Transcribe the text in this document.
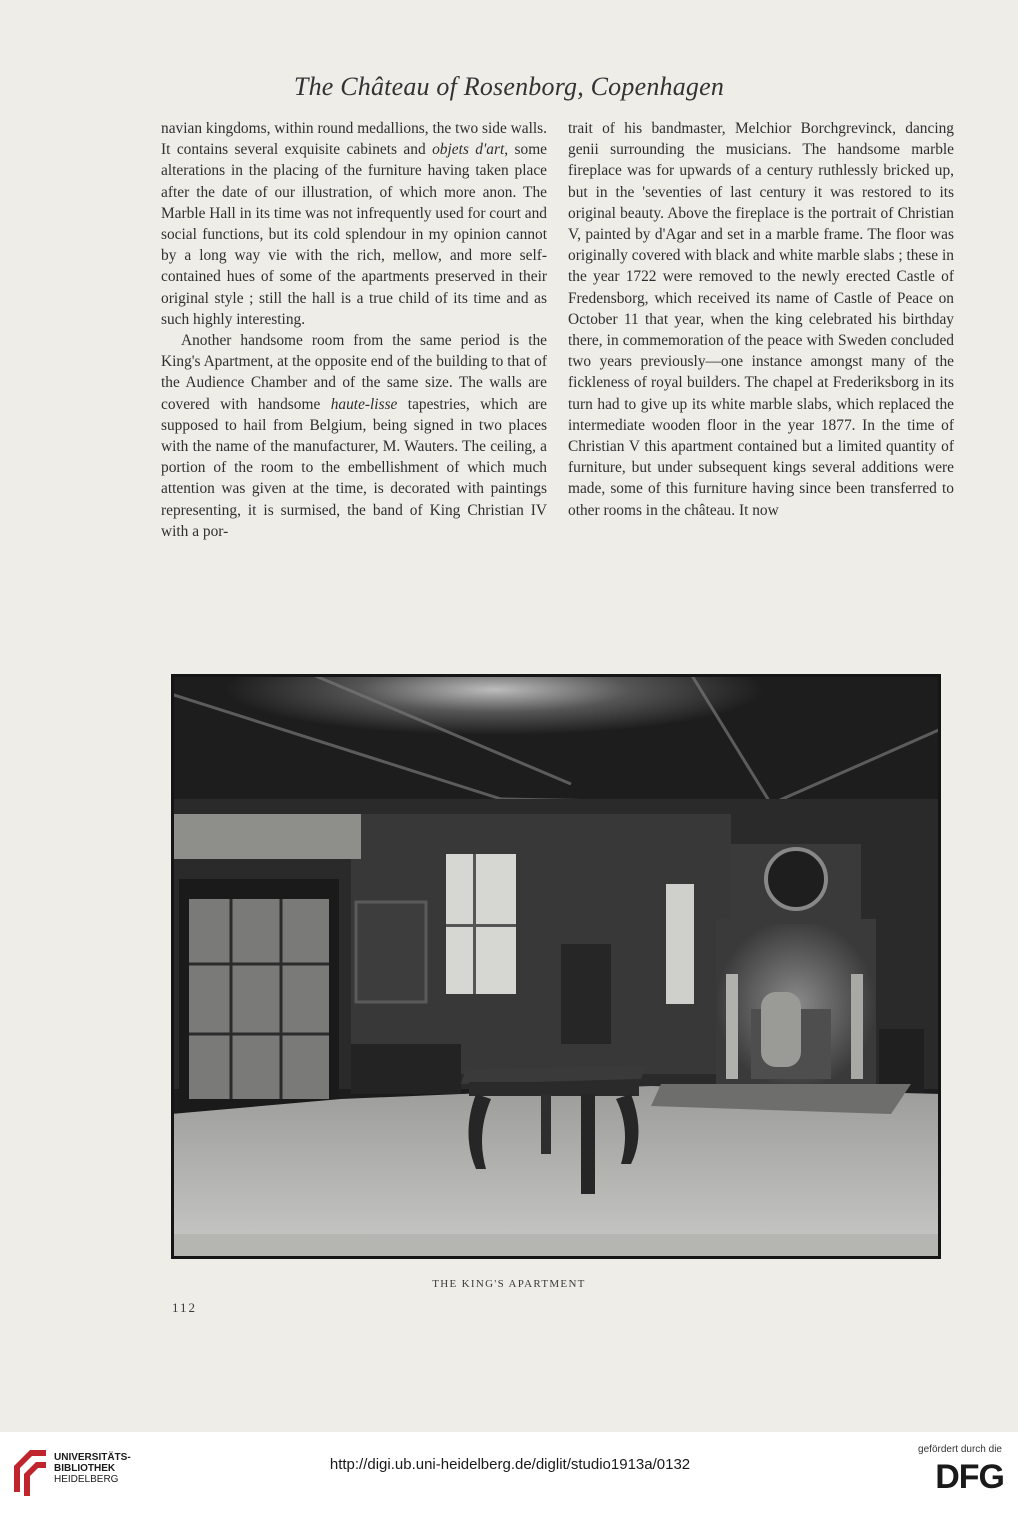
The Château of Rosenborg, Copenhagen

navian kingdoms, within round medallions, the two side walls. It contains several exquisite cabinets and objets d'art, some alterations in the placing of the furniture having taken place after the date of our illustration, of which more anon. The Marble Hall in its time was not infrequently used for court and social functions, but its cold splendour in my opinion cannot by a long way vie with the rich, mellow, and more self-contained hues of some of the apartments preserved in their original style ; still the hall is a true child of its time and as such highly interesting.

Another handsome room from the same period is the King's Apartment, at the opposite end of the building to that of the Audience Chamber and of the same size. The walls are covered with handsome haute-lisse tapestries, which are supposed to hail from Belgium, being signed in two places with the name of the manufacturer, M. Wauters. The ceiling, a portion of the room to the embellishment of which much attention was given at the time, is decorated with paintings representing, it is surmised, the band of King Christian IV with a por-

trait of his bandmaster, Melchior Borchgrevinck, dancing genii surrounding the musicians. The handsome marble fireplace was for upwards of a century ruthlessly bricked up, but in the 'seventies of last century it was restored to its original beauty. Above the fireplace is the portrait of Christian V, painted by d'Agar and set in a marble frame. The floor was originally covered with black and white marble slabs ; these in the year 1722 were removed to the newly erected Castle of Fredensborg, which received its name of Castle of Peace on October 11 that year, when the king celebrated his birthday there, in commemoration of the peace with Sweden concluded two years previously—one instance amongst many of the fickleness of royal builders. The chapel at Frederiksborg in its turn had to give up its white marble slabs, which replaced the intermediate wooden floor in the year 1877. In the time of Christian V this apartment contained but a limited quantity of furniture, but under subsequent kings several additions were made, some of this furniture having since been transferred to other rooms in the château. It now

THE KING'S APARTMENT
112
UNIVERSITÄTS-
BIBLIOTHEK
HEIDELBERG
http://digi.ub.uni-heidelberg.de/diglit/studio1913a/0132
gefördert durch die
DFG
